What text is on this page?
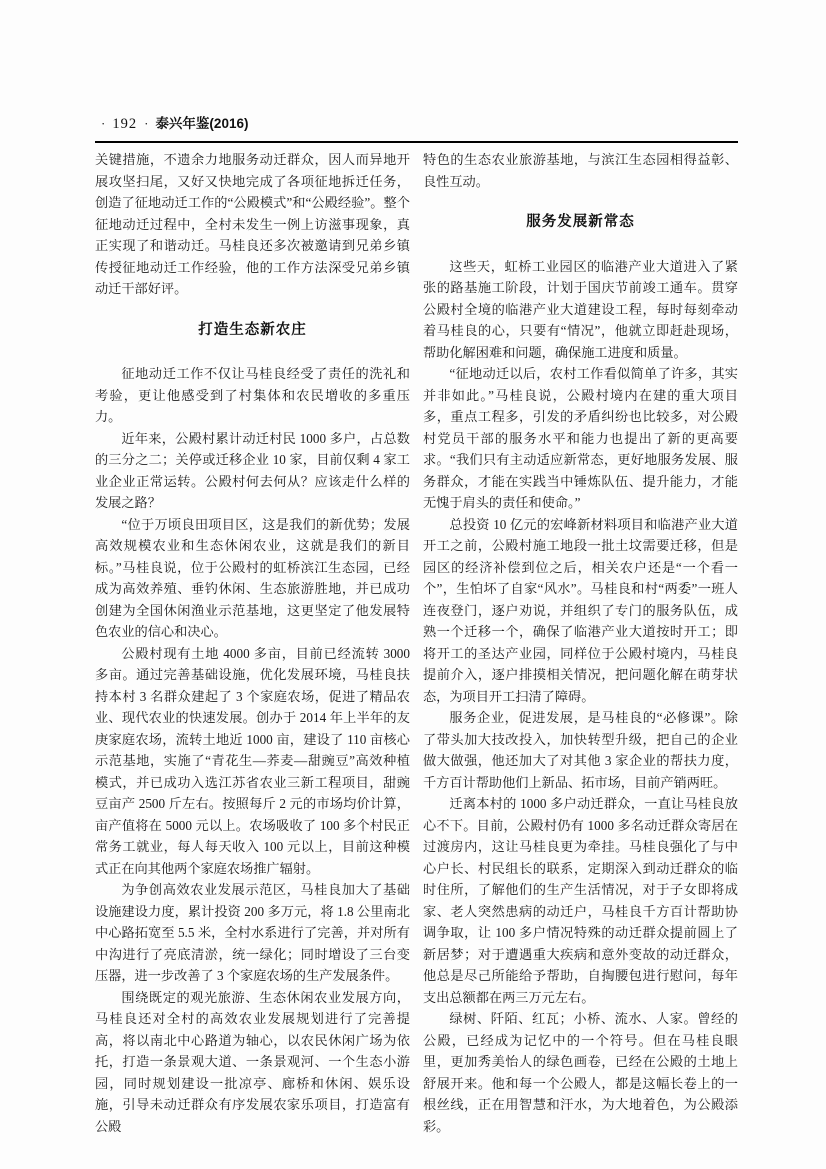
· 192 · 泰兴年鉴(2016)

关键措施，不遗余力地服务动迁群众，因人而异地开展攻坚扫尾，又好又快地完成了各项征地拆迁任务，创造了征地动迁工作的“公殿模式”和“公殿经验”。整个征地动迁过程中，全村未发生一例上访滋事现象，真正实现了和谐动迁。马桂良还多次被邀请到兄弟乡镇传授征地动迁工作经验，他的工作方法深受兄弟乡镇动迁干部好评。

打造生态新农庄

征地动迁工作不仅让马桂良经受了责任的洗礼和考验，更让他感受到了村集体和农民增收的多重压力。

近年来，公殿村累计动迁村民 1000 多户，占总数的三分之二；关停或迁移企业 10 家，目前仅剩 4 家工业企业正常运转。公殿村何去何从？应该走什么样的发展之路？

“位于万顷良田项目区，这是我们的新优势；发展高效规模农业和生态休闲农业，这就是我们的新目标。”马桂良说，位于公殿村的虹桥滨江生态园，已经成为高效养殖、垂钓休闲、生态旅游胜地，并已成功创建为全国休闲渔业示范基地，这更坚定了他发展特色农业的信心和决心。

公殿村现有土地 4000 多亩，目前已经流转 3000 多亩。通过完善基础设施，优化发展环境，马桂良扶持本村 3 名群众建起了 3 个家庭农场，促进了精品农业、现代农业的快速发展。创办于 2014 年上半年的友庚家庭农场，流转土地近 1000 亩，建设了 110 亩核心示范基地，实施了“青花生—荞麦—甜豌豆”高效种植模式，并已成功入选江苏省农业三新工程项目，甜豌豆亩产 2500 斤左右。按照每斤 2 元的市场均价计算，亩产值将在 5000 元以上。农场吸收了 100 多个村民正常务工就业，每人每天收入 100 元以上，目前这种模式正在向其他两个家庭农场推广辐射。

为争创高效农业发展示范区，马桂良加大了基础设施建设力度，累计投资 200 多万元，将 1.8 公里南北中心路拓宽至 5.5 米，全村水系进行了完善，并对所有中沟进行了亮底清淤，统一绿化；同时增设了三台变压器，进一步改善了 3 个家庭农场的生产发展条件。

围绕既定的观光旅游、生态休闲农业发展方向，马桂良还对全村的高效农业发展规划进行了完善提高，将以南北中心路道为轴心，以农民休闲广场为依托，打造一条景观大道、一条景观河、一个生态小游园，同时规划建设一批凉亭、廊桥和休闲、娱乐设施，引导未动迁群众有序发展农家乐项目，打造富有公殿

特色的生态农业旅游基地，与滨江生态园相得益彰、良性互动。

服务发展新常态

这些天，虹桥工业园区的临港产业大道进入了紧张的路基施工阶段，计划于国庆节前竣工通车。贯穿公殿村全境的临港产业大道建设工程，每时每刻牵动着马桂良的心，只要有“情况”，他就立即赶赴现场，帮助化解困难和问题，确保施工进度和质量。

“征地动迁以后，农村工作看似简单了许多，其实并非如此。”马桂良说，公殿村境内在建的重大项目多，重点工程多，引发的矛盾纠纷也比较多，对公殿村党员干部的服务水平和能力也提出了新的更高要求。“我们只有主动适应新常态，更好地服务发展、服务群众，才能在实践当中锤炼队伍、提升能力，才能无愧于肩头的责任和使命。”

总投资 10 亿元的宏峰新材料项目和临港产业大道开工之前，公殿村施工地段一批土坟需要迁移，但是园区的经济补偿到位之后，相关农户还是“一个看一个”，生怕坏了自家“风水”。马桂良和村“两委”一班人连夜登门，逐户劝说，并组织了专门的服务队伍，成熟一个迁移一个，确保了临港产业大道按时开工；即将开工的圣达产业园，同样位于公殿村境内，马桂良提前介入，逐户排摸相关情况，把问题化解在萌芽状态，为项目开工扫清了障碍。

服务企业，促进发展，是马桂良的“必修课”。除了带头加大技改投入，加快转型升级，把自己的企业做大做强，他还加大了对其他 3 家企业的帮扶力度，千方百计帮助他们上新品、拓市场，目前产销两旺。

迁离本村的 1000 多户动迁群众，一直让马桂良放心不下。目前，公殿村仍有 1000 多名动迁群众寄居在过渡房内，这让马桂良更为牵挂。马桂良强化了与中心户长、村民组长的联系，定期深入到动迁群众的临时住所，了解他们的生产生活情况，对于子女即将成家、老人突然患病的动迁户，马桂良千方百计帮助协调争取，让 100 多户情况特殊的动迁群众提前圆上了新居梦；对于遭遇重大疾病和意外变故的动迁群众，他总是尽己所能给予帮助，自掏腰包进行慰问，每年支出总额都在两三万元左右。

绿树、阡陌、红瓦；小桥、流水、人家。曾经的公殿，已经成为记忆中的一个符号。但在马桂良眼里，更加秀美怡人的绿色画卷，已经在公殿的土地上舒展开来。他和每一个公殿人，都是这幅长卷上的一根丝线，正在用智慧和汗水，为大地着色，为公殿添彩。
